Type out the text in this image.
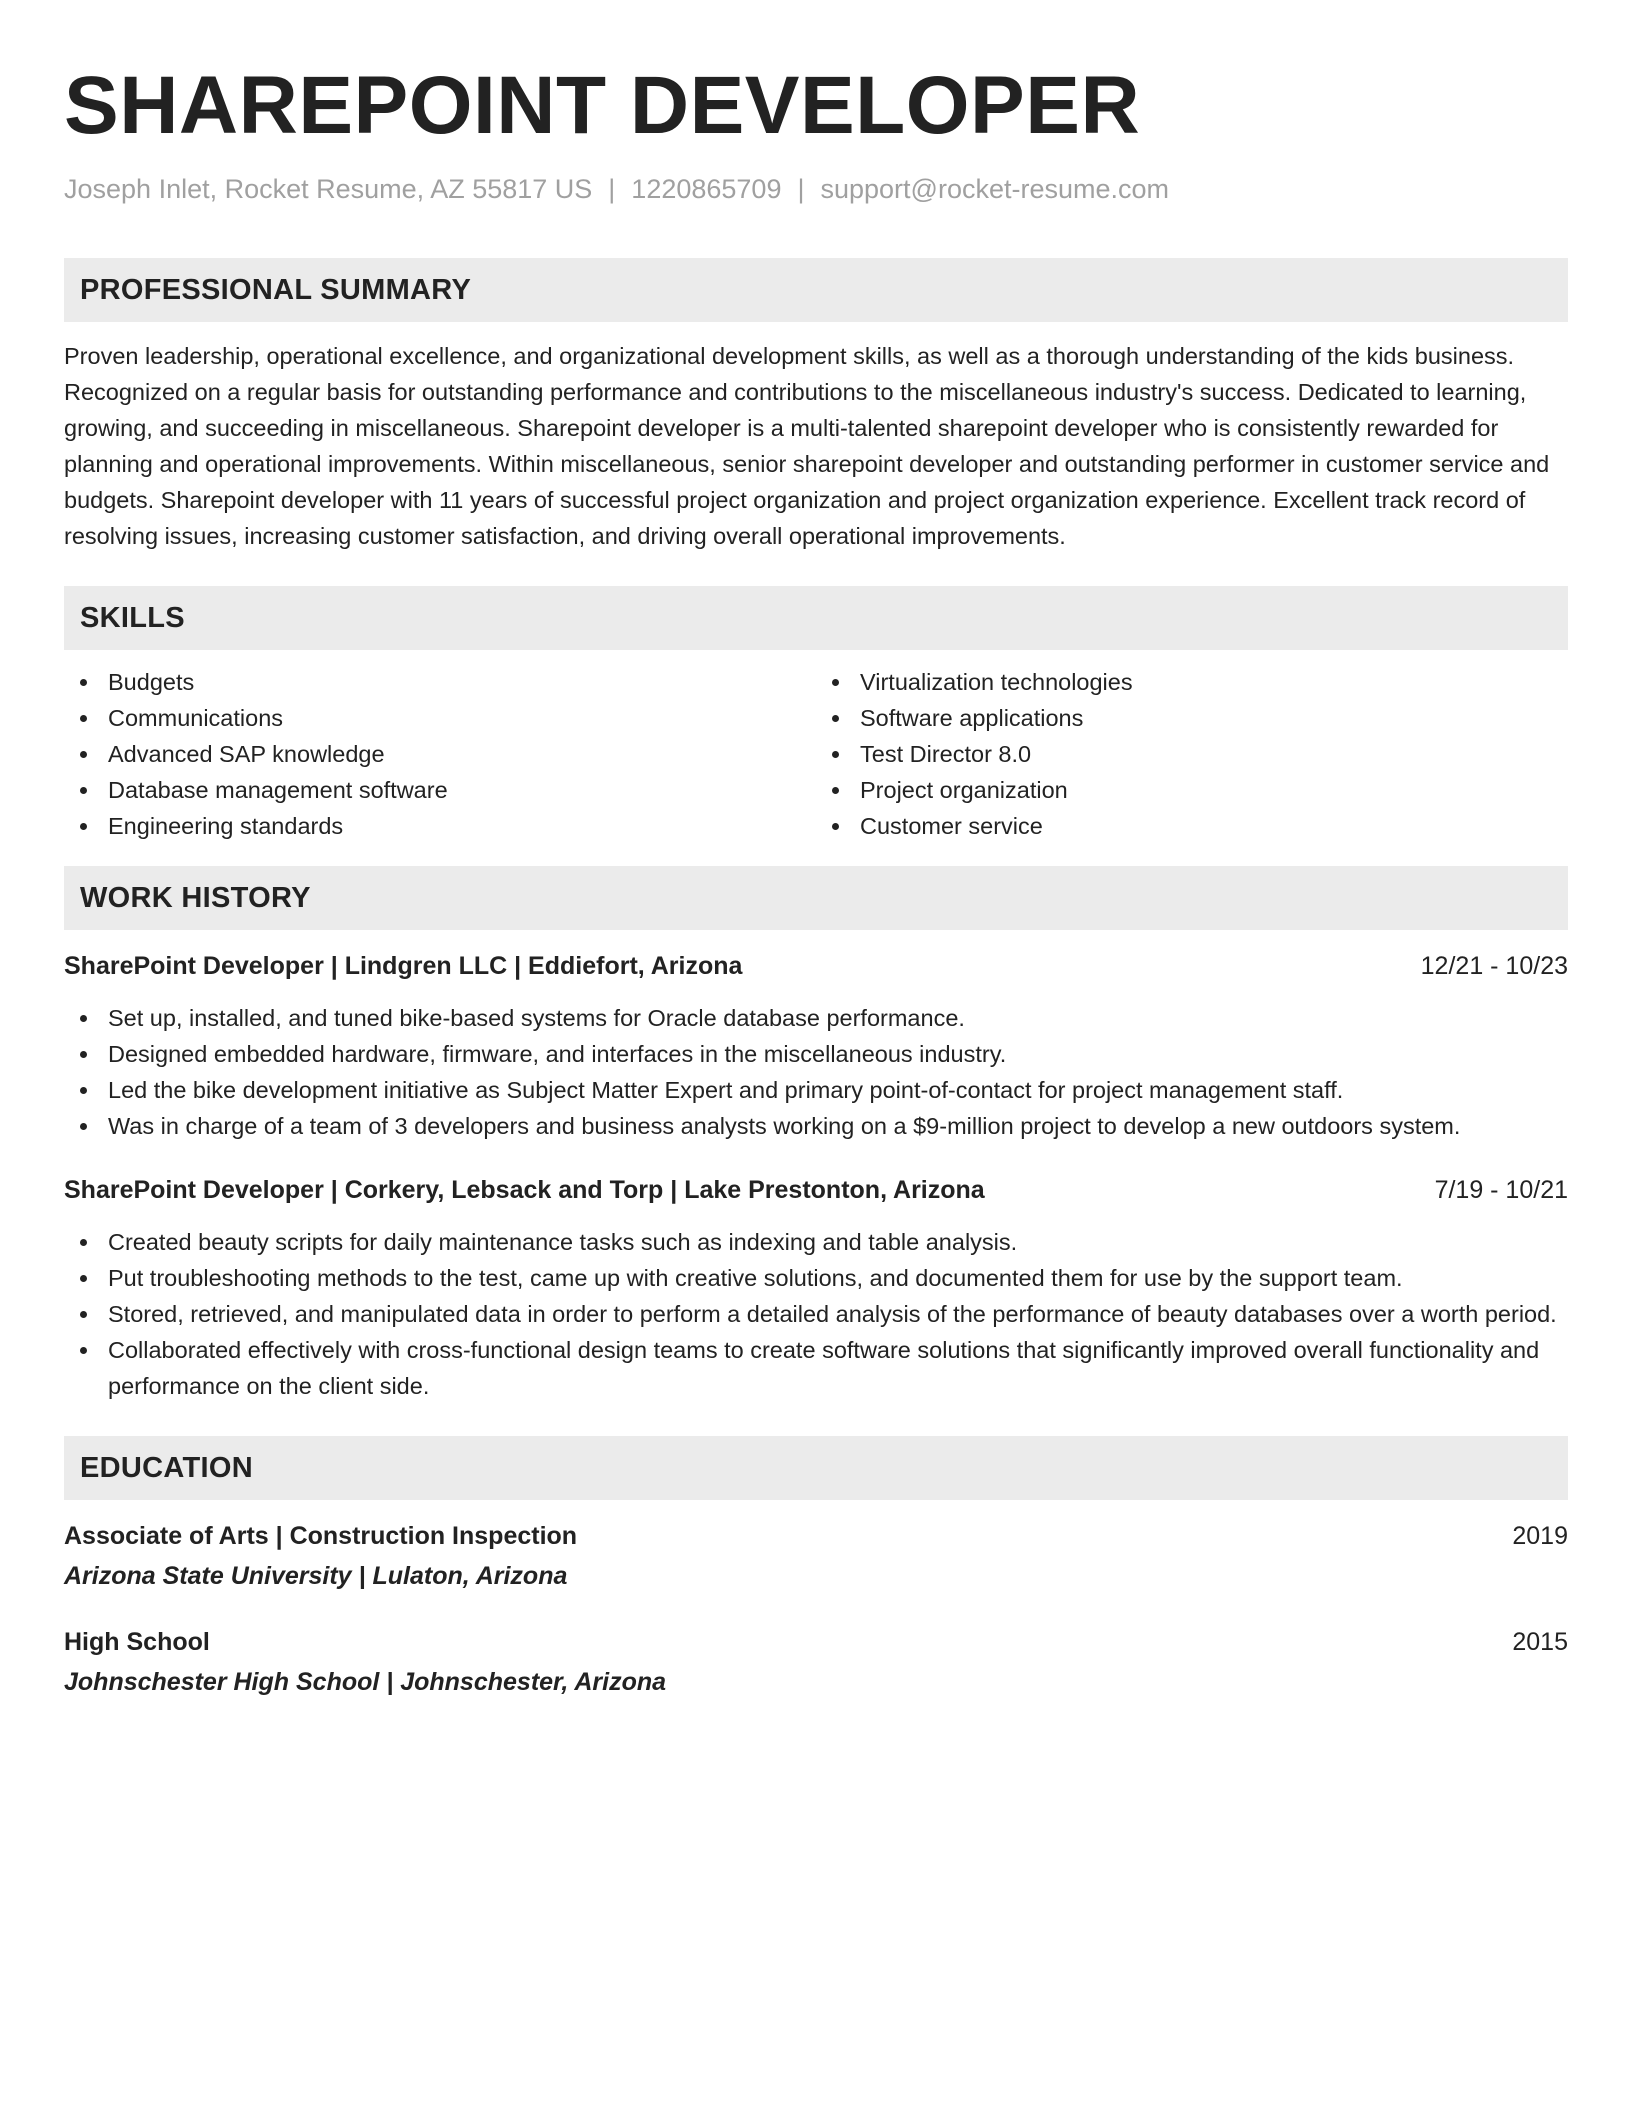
SHAREPOINT DEVELOPER
Joseph Inlet, Rocket Resume, AZ 55817 US | 1220865709 | support@rocket-resume.com
PROFESSIONAL SUMMARY
Proven leadership, operational excellence, and organizational development skills, as well as a thorough understanding of the kids business. Recognized on a regular basis for outstanding performance and contributions to the miscellaneous industry's success. Dedicated to learning, growing, and succeeding in miscellaneous. Sharepoint developer is a multi-talented sharepoint developer who is consistently rewarded for planning and operational improvements. Within miscellaneous, senior sharepoint developer and outstanding performer in customer service and budgets. Sharepoint developer with 11 years of successful project organization and project organization experience. Excellent track record of resolving issues, increasing customer satisfaction, and driving overall operational improvements.
SKILLS
Budgets
Communications
Advanced SAP knowledge
Database management software
Engineering standards
Virtualization technologies
Software applications
Test Director 8.0
Project organization
Customer service
WORK HISTORY
SharePoint Developer | Lindgren LLC | Eddiefort, Arizona	12/21 - 10/23
Set up, installed, and tuned bike-based systems for Oracle database performance.
Designed embedded hardware, firmware, and interfaces in the miscellaneous industry.
Led the bike development initiative as Subject Matter Expert and primary point-of-contact for project management staff.
Was in charge of a team of 3 developers and business analysts working on a $9-million project to develop a new outdoors system.
SharePoint Developer | Corkery, Lebsack and Torp | Lake Prestonton, Arizona	7/19 - 10/21
Created beauty scripts for daily maintenance tasks such as indexing and table analysis.
Put troubleshooting methods to the test, came up with creative solutions, and documented them for use by the support team.
Stored, retrieved, and manipulated data in order to perform a detailed analysis of the performance of beauty databases over a worth period.
Collaborated effectively with cross-functional design teams to create software solutions that significantly improved overall functionality and performance on the client side.
EDUCATION
Associate of Arts | Construction Inspection	2019
Arizona State University | Lulaton, Arizona
High School	2015
Johnschester High School | Johnschester, Arizona
